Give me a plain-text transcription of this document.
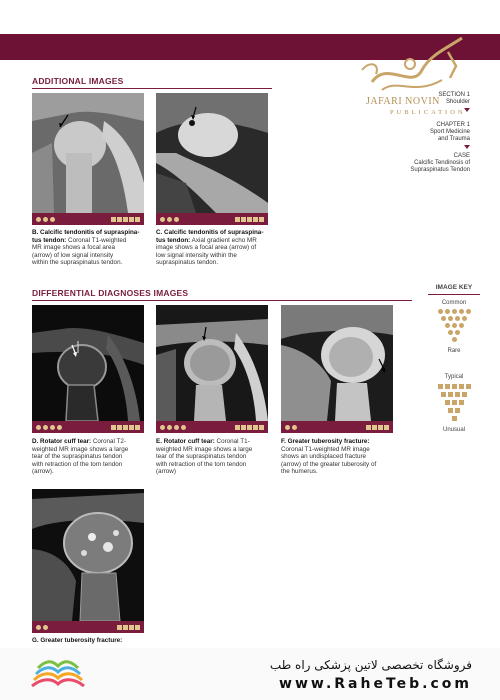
JAFARI NOVIN
PUBLICATION
SECTION 1
Shoulder
CHAPTER 1
Sport Medicine
and Trauma
CASE
Calcific Tendinosis of
Supraspinatus Tendon
ADDITIONAL IMAGES
B. Calcific tendonitis of supraspina-
tus tendon: Coronal T1-weighted
MR image shows a focal area
(arrow) of low signal intensity
within the supraspinatus tendon.
C. Calcific tendonitis of supraspina-
tus tendon: Axial gradient echo MR
image shows a focal area (arrow) of
low signal intensity within the
supraspinatus tendon.
DIFFERENTIAL DIAGNOSES IMAGES
D. Rotator cuff tear: Coronal T2-
weighted MR image shows a large
tear of the supraspinatus tendon
with retraction of the torn tendon
(arrow).
E. Rotator cuff tear: Coronal T1-
weighted MR image shows a large
tear of the supraspinatus tendon
with retraction of the torn tendon
(arrow)
F. Greater tuberosity fracture:
Coronal T1-weighted MR image
shows an undisplaced fracture
(arrow) of the greater tuberosity of
the humerus.
G. Greater tuberosity fracture:
IMAGE KEY
Common
Rare
Typical
Unusual
فروشگاه تخصصی لاتین پزشکی راه طب
www.RaheTeb.com
